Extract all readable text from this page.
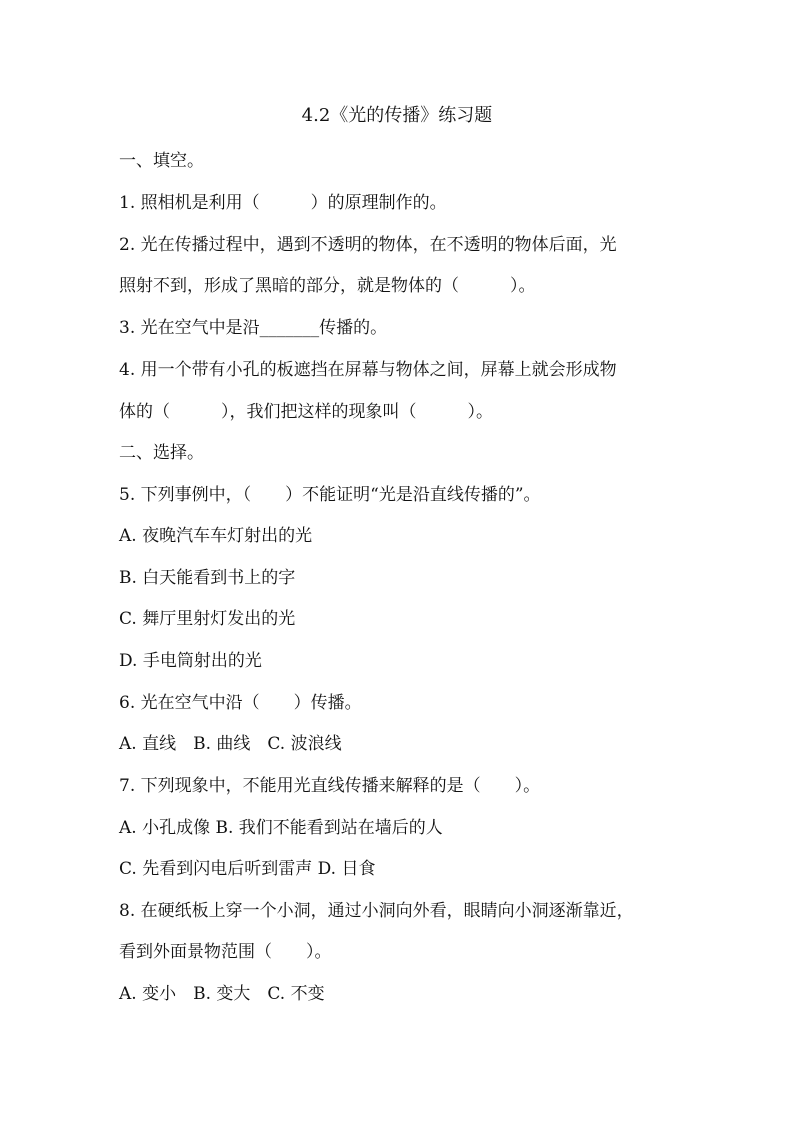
4.2《光的传播》练习题
一、填空。
1. 照相机是利用（　　　）的原理制作的。
2. 光在传播过程中，遇到不透明的物体，在不透明的物体后面，光
照射不到，形成了黑暗的部分，就是物体的（　　　）。
3. 光在空气中是沿_______传播的。
4. 用一个带有小孔的板遮挡在屏幕与物体之间，屏幕上就会形成物
体的（　　　），我们把这样的现象叫（　　　）。
二、选择。
5. 下列事例中，（　　）不能证明“光是沿直线传播的”。
A. 夜晚汽车车灯射出的光
B. 白天能看到书上的字
C. 舞厅里射灯发出的光
D. 手电筒射出的光
6. 光在空气中沿（　　）传播。
A. 直线　B. 曲线　C. 波浪线
7. 下列现象中，不能用光直线传播来解释的是（　　）。
A. 小孔成像 B. 我们不能看到站在墙后的人
C. 先看到闪电后听到雷声 D. 日食
8. 在硬纸板上穿一个小洞，通过小洞向外看，眼睛向小洞逐渐靠近，
看到外面景物范围（　　）。
A. 变小　B. 变大　C. 不变
